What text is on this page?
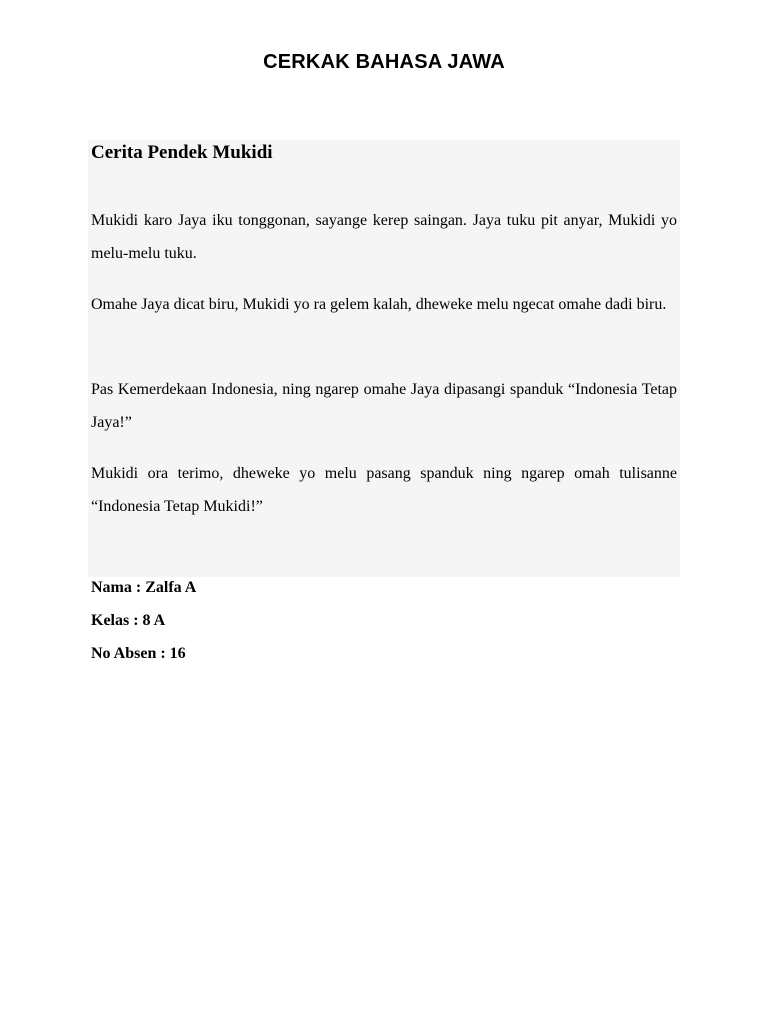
CERKAK BAHASA JAWA
Cerita Pendek Mukidi

Mukidi karo Jaya iku tonggonan, sayange kerep saingan. Jaya tuku pit anyar, Mukidi yo melu-melu tuku.

Omahe Jaya dicat biru, Mukidi yo ra gelem kalah, dheweke melu ngecat omahe dadi biru.

Pas Kemerdekaan Indonesia, ning ngarep omahe Jaya dipasangi spanduk “Indonesia Tetap Jaya!”

Mukidi ora terimo, dheweke yo melu pasang spanduk ning ngarep omah tulisanne “Indonesia Tetap Mukidi!”

Nama : Zalfa A
Kelas : 8 A
No Absen : 16
